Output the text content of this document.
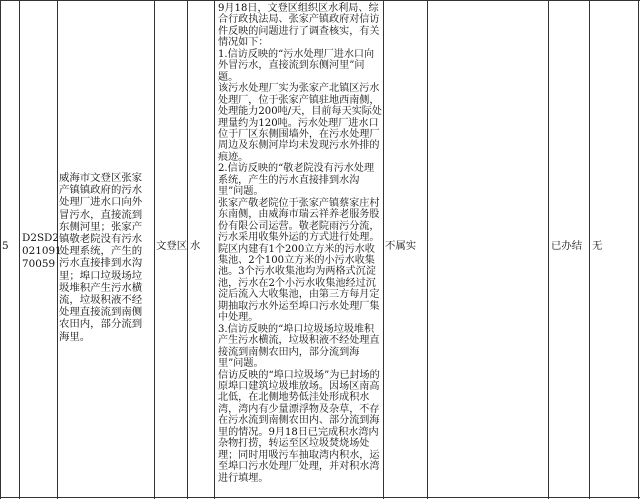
5
D2SD202109170059
威海市文登区张家产镇镇政府的污水处理厂进水口向外冒污水，直接流到东侧河里；张家产镇敬老院没有污水处理系统，产生的污水直接排到水沟里；埠口垃圾场垃圾堆积产生污水横流，垃圾积液不经处理直接流到南侧农田内，部分流到海里。
文登区 水

9月18日，文登区组织区水利局、综合行政执法局、张家产镇政府对信访件反映的问题进行了调查核实，有关情况如下：

1.信访反映的“污水处理厂进水口向外冒污水，直接流到东侧河里”问题。

该污水处理厂实为张家产北镇区污水处理厂，位于张家产镇驻地西南侧，处理能力200吨/天，目前每天实际处理量约为120吨。污水处理厂进水口位于厂区东侧围墙外，在污水处理厂周边及东侧河岸均未发现污水外排的痕迹。

2.信访反映的“敬老院没有污水处理系统，产生的污水直接排到水沟里”问题。

张家产敬老院位于张家产镇蔡家庄村东南侧，由威海市瑞云祥养老服务股份有限公司运营。敬老院雨污分流，污水采用收集外运的方式进行处理。院区内建有1个200立方米的污水收集池、2个100立方米的小污水收集池。3个污水收集池均为两格式沉淀池，污水在2个小污水收集池经过沉淀后流入大收集池，由第三方每月定期抽取污水外运至埠口污水处理厂集中处理。

3.信访反映的“埠口垃圾场垃圾堆积产生污水横流，垃圾积液不经处理直接流到南侧农田内，部分流到海里”问题。

信访反映的“埠口垃圾场”为已封场的原埠口建筑垃圾堆放场。因场区南高北低，在北侧地势低洼处形成积水湾，湾内有少量漂浮物及杂草，不存在污水流到南侧农田内、部分流到海里的情况。9月18日已完成积水湾内杂物打捞，转运至区垃圾焚烧场处理；同时用吸污车抽取湾内积水，运至埠口污水处理厂处理，并对积水湾进行填埋。

不属实	已办结 无
